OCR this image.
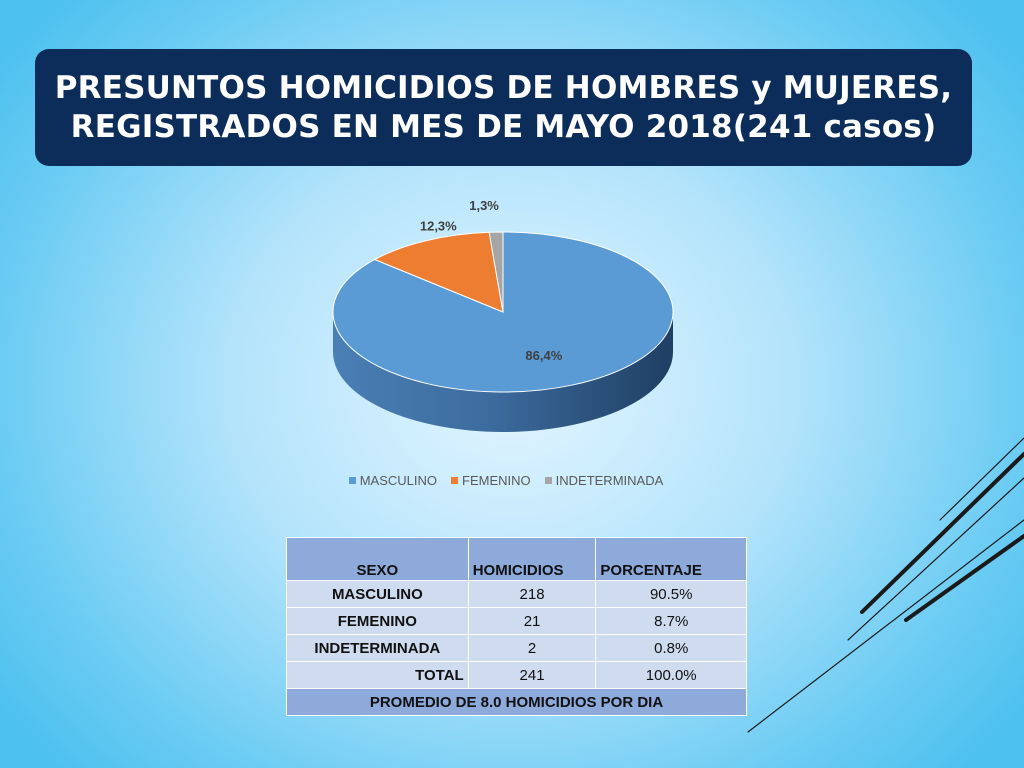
PRESUNTOS HOMICIDIOS DE HOMBRES y MUJERES,
REGISTRADOS EN MES DE MAYO 2018(241 casos)
86,4%
12,3%
1,3%
MASCULINO FEMENINO INDETERMINADA
SEXO	HOMICIDIOS	PORCENTAJE
MASCULINO	218	90.5%
FEMENINO	21	8.7%
INDETERMINADA	2	0.8%
TOTAL	241	100.0%
PROMEDIO DE 8.0 HOMICIDIOS POR DIA		
